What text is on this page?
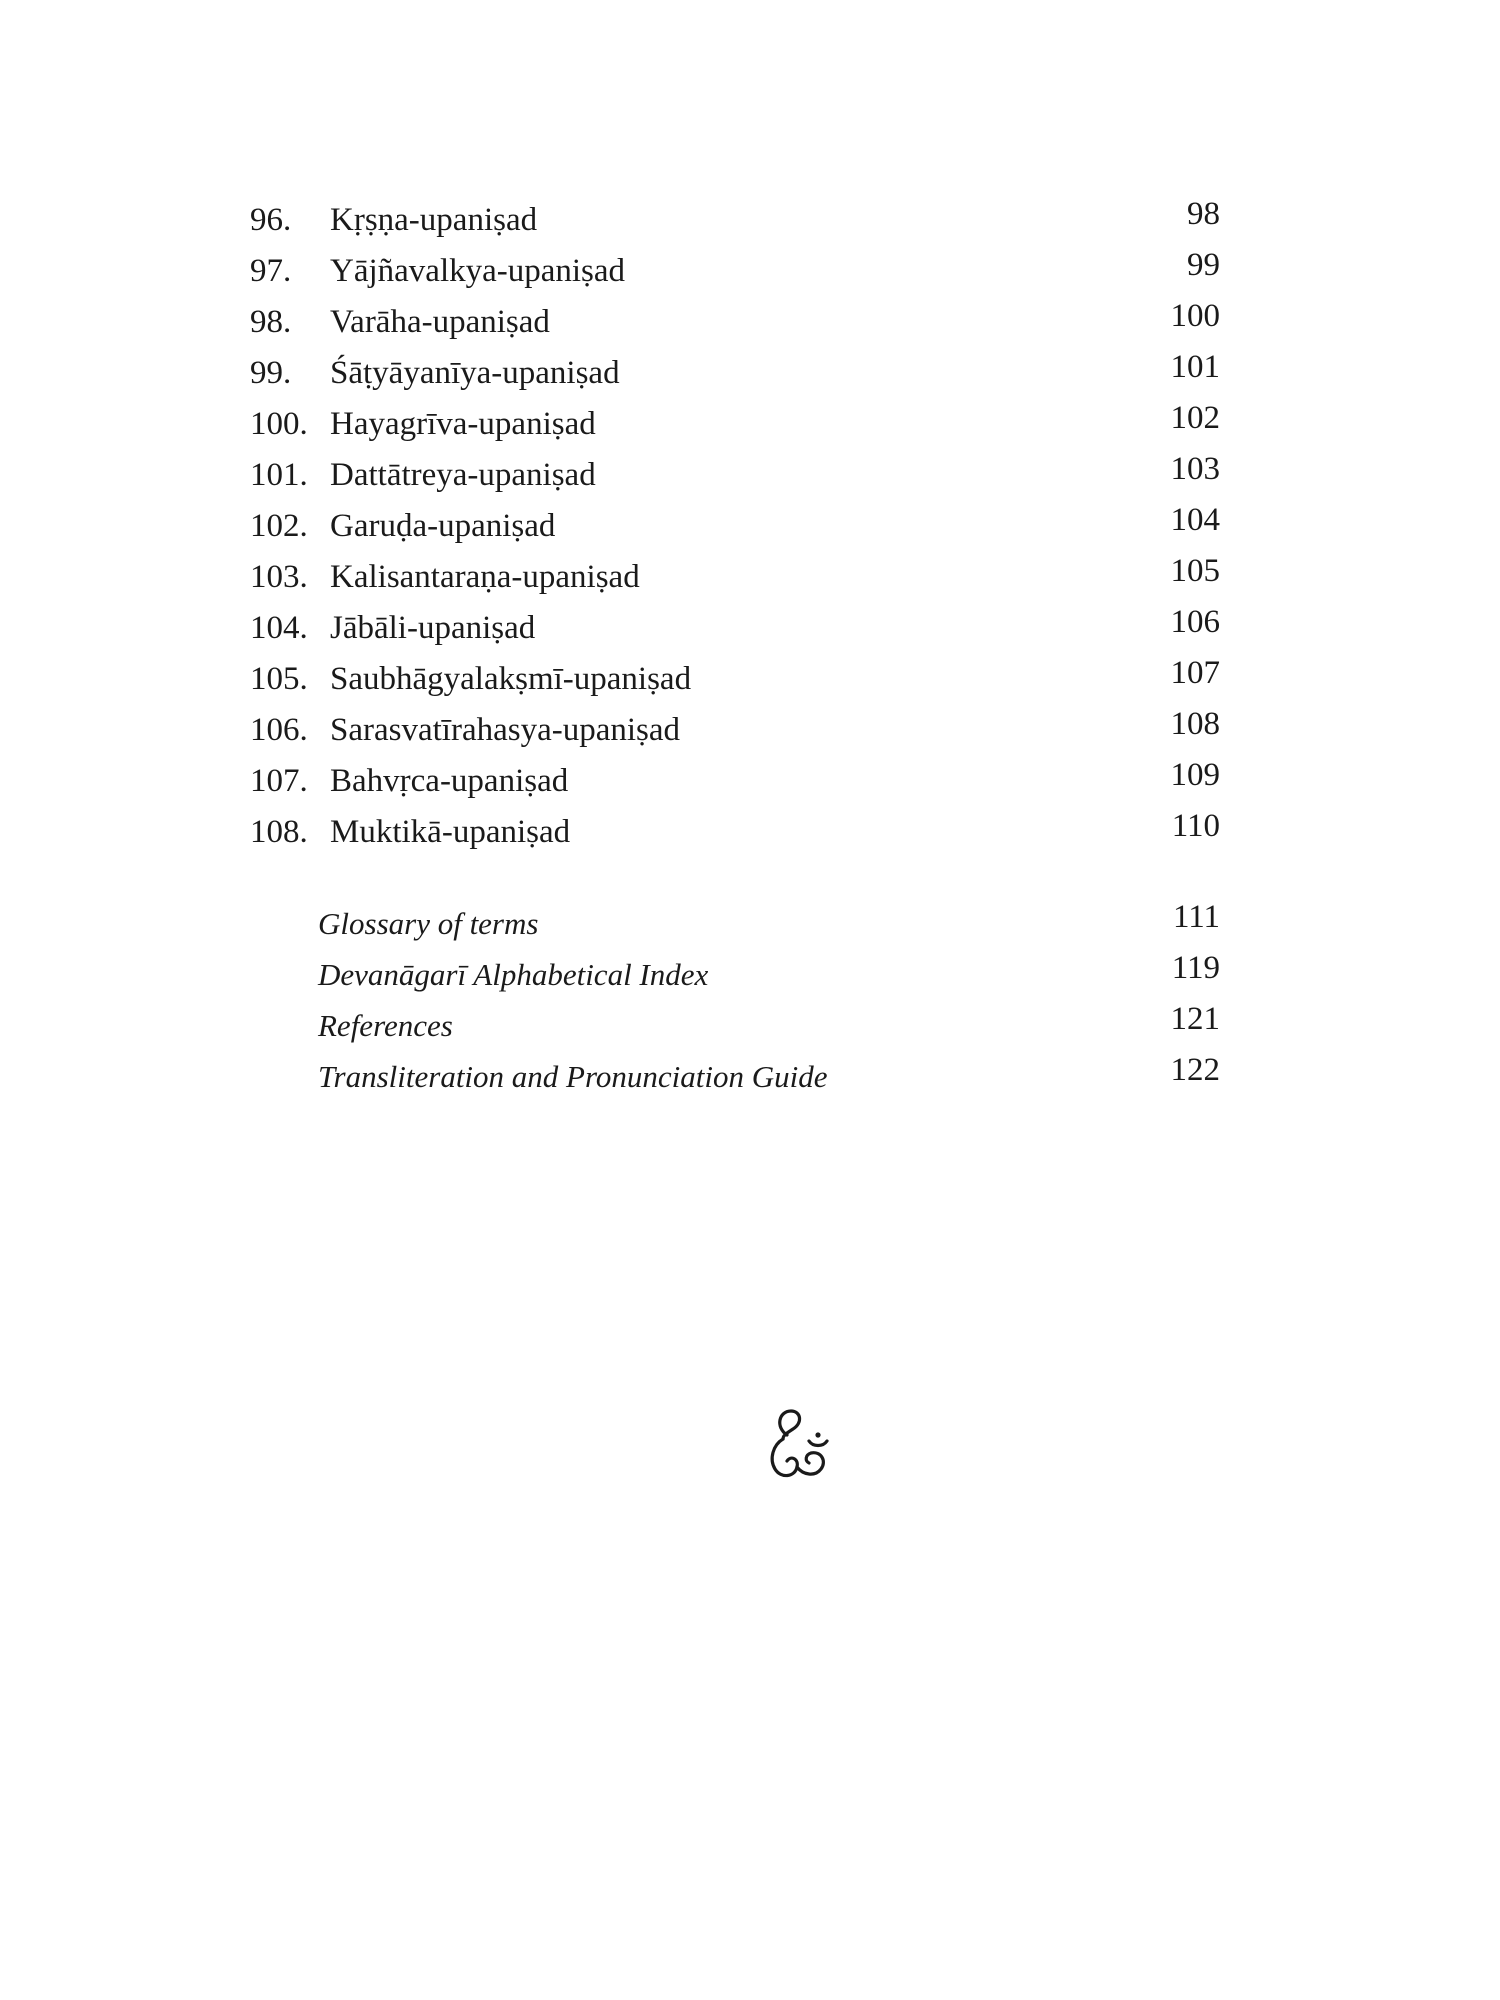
96. Kṛṣṇa-upaniṣad	98
97. Yājñavalkya-upaniṣad	99
98. Varāha-upaniṣad	100
99. Śāṭyāyanīya-upaniṣad	101
100. Hayagrīva-upaniṣad	102
101. Dattātreya-upaniṣad	103
102. Garuḍa-upaniṣad	104
103. Kalisantaraṇa-upaniṣad	105
104. Jābāli-upaniṣad	106
105. Saubhāgyalakṣmī-upaniṣad	107
106. Sarasvatīrahasya-upaniṣad	108
107. Bahvṛca-upaniṣad	109
108. Muktikā-upaniṣad	110
Glossary of terms	111
Devanāgarī Alphabetical Index	119
References	121
Transliteration and Pronunciation Guide	122
